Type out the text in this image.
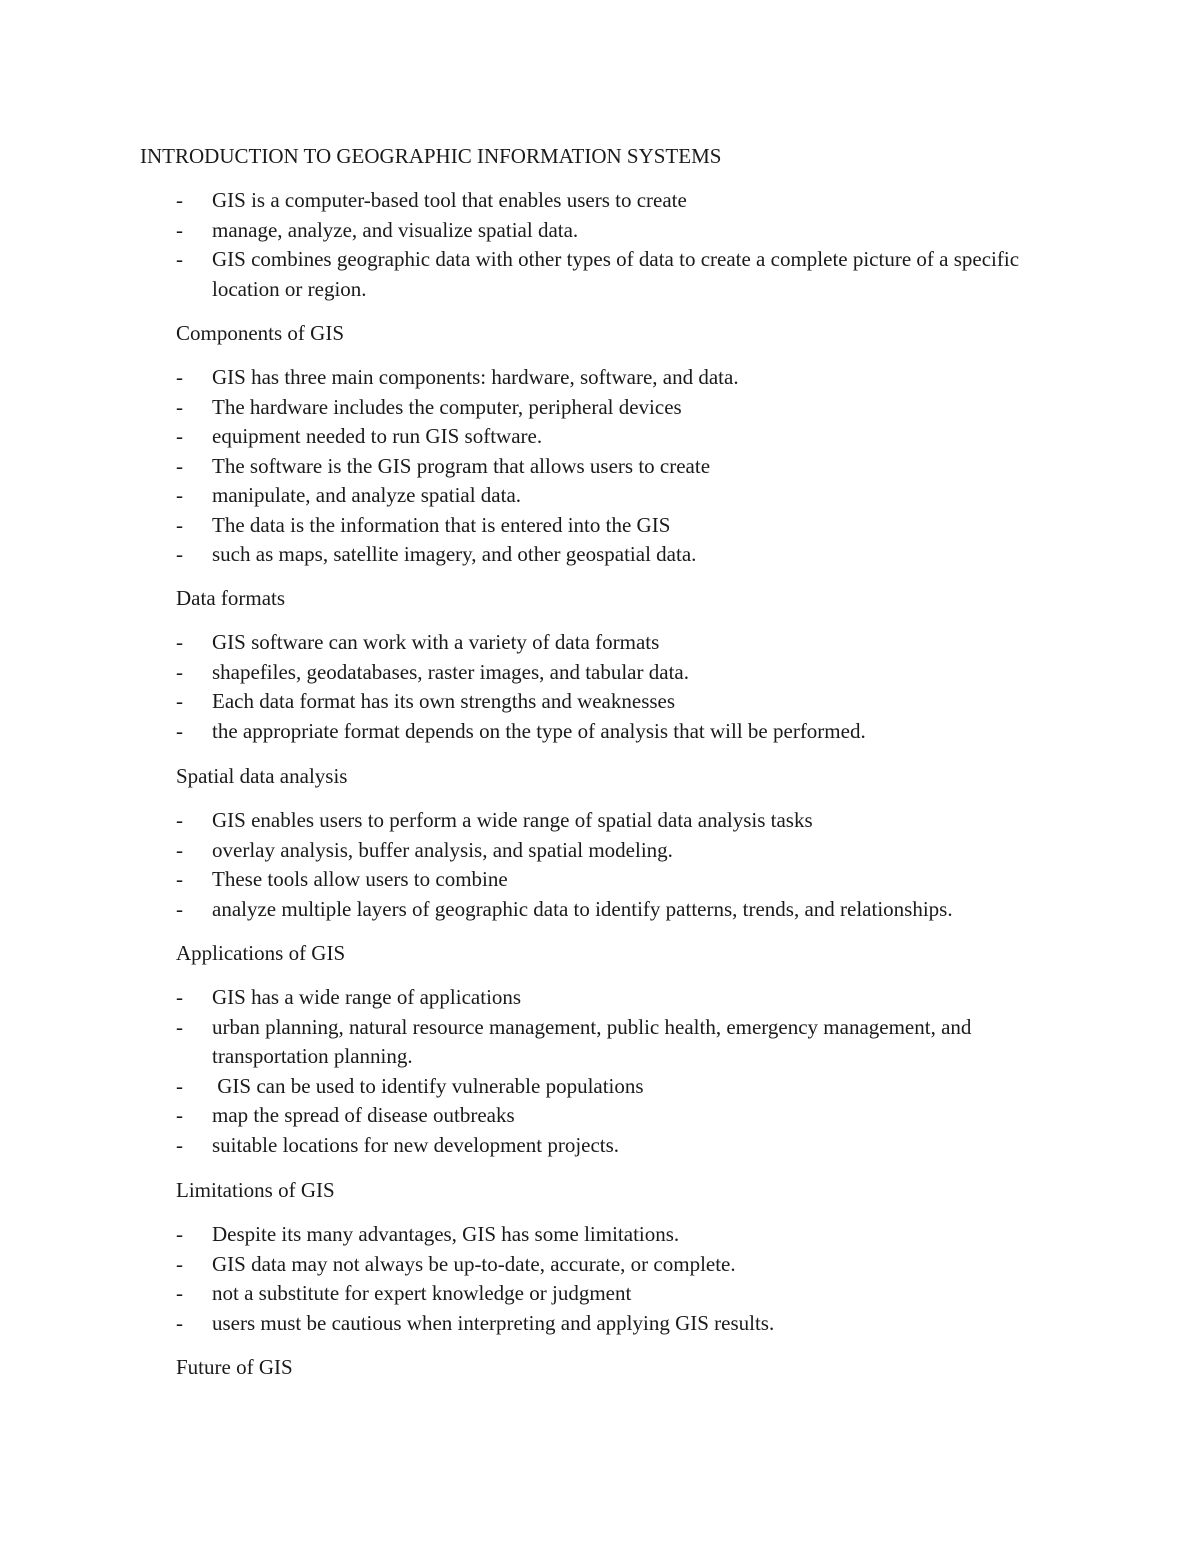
INTRODUCTION TO GEOGRAPHIC INFORMATION SYSTEMS
-	GIS is a computer-based tool that enables users to create
-	manage, analyze, and visualize spatial data.
-	GIS combines geographic data with other types of data to create a complete picture of a specific location or region.
Components of GIS
-	GIS has three main components: hardware, software, and data.
-	The hardware includes the computer, peripheral devices
-	equipment needed to run GIS software.
-	The software is the GIS program that allows users to create
-	manipulate, and analyze spatial data.
-	The data is the information that is entered into the GIS
-	such as maps, satellite imagery, and other geospatial data.
Data formats
-	GIS software can work with a variety of data formats
-	shapefiles, geodatabases, raster images, and tabular data.
-	Each data format has its own strengths and weaknesses
-	the appropriate format depends on the type of analysis that will be performed.
Spatial data analysis
-	GIS enables users to perform a wide range of spatial data analysis tasks
-	overlay analysis, buffer analysis, and spatial modeling.
-	These tools allow users to combine
-	analyze multiple layers of geographic data to identify patterns, trends, and relationships.
Applications of GIS
-	GIS has a wide range of applications
-	urban planning, natural resource management, public health, emergency management, and transportation planning.
-	GIS can be used to identify vulnerable populations
-	map the spread of disease outbreaks
-	suitable locations for new development projects.
Limitations of GIS
-	Despite its many advantages, GIS has some limitations.
-	GIS data may not always be up-to-date, accurate, or complete.
-	not a substitute for expert knowledge or judgment
-	users must be cautious when interpreting and applying GIS results.
Future of GIS
